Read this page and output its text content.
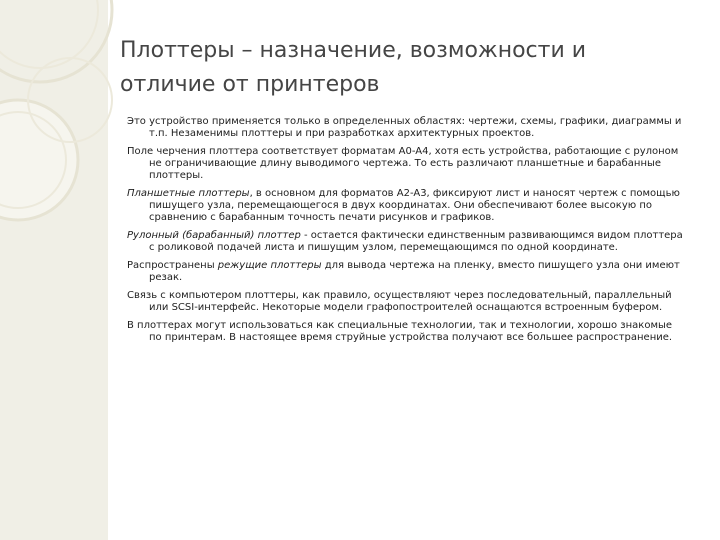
Плоттеры – назначение, возможности и отличие от принтеров

Это устройство применяется только в определенных областях: чертежи, схемы, графики, диаграммы и т.п. Незаменимы плоттеры и при разработках архитектурных проектов.

Поле черчения плоттера соответствует форматам A0-A4, хотя есть устройства, работающие с рулоном не ограничивающие длину выводимого чертежа. То есть различают планшетные и барабанные плоттеры.

Планшетные плоттеры, в основном для форматов A2-A3, фиксируют лист и наносят чертеж с помощью пишущего узла, перемещающегося в двух координатах. Они обеспечивают более высокую по сравнению с барабанным точность печати рисунков и графиков.

Рулонный (барабанный) плоттер - остается фактически единственным развивающимся видом плоттера с роликовой подачей листа и пишущим узлом, перемещающимся по одной координате.

Распространены режущие плоттеры для вывода чертежа на пленку, вместо пишущего узла они имеют резак.

Связь с компьютером плоттеры, как правило, осуществляют через последовательный, параллельный или SCSI-интерфейс. Некоторые модели графопостроителей оснащаются встроенным буфером.

В плоттерах могут использоваться как специальные технологии, так и технологии, хорошо знакомые по принтерам. В настоящее время струйные устройства получают все большее распространение.
